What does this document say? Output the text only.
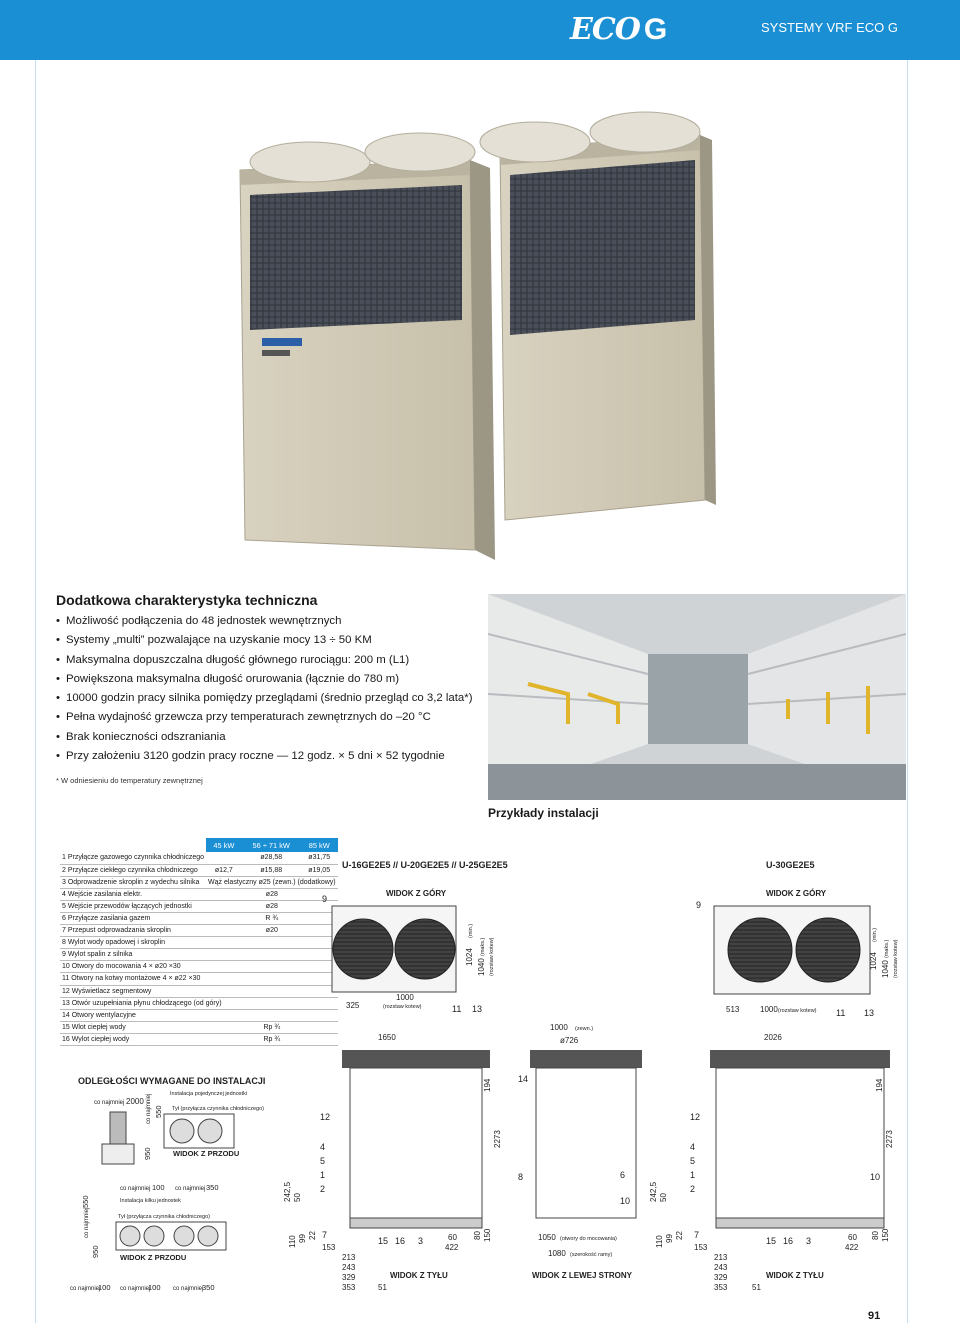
ECO G	SYSTEMY VRF ECO G
Dodatkowa charakterystyka techniczna
• Możliwość podłączenia do 48 jednostek wewnętrznych
• Systemy „multi” pozwalające na uzyskanie mocy 13 ÷ 50 KM
• Maksymalna dopuszczalna długość głównego rurociągu: 200 m (L1)
• Powiększona maksymalna długość orurowania (łącznie do 780 m)
• 10000 godzin pracy silnika pomiędzy przeglądami (średnio przegląd co 3,2 lata*)
• Pełna wydajność grzewcza przy temperaturach zewnętrznych do –20 °C
• Brak konieczności odszraniania
• Przy założeniu 3120 godzin pracy roczne — 12 godz. × 5 dni × 52 tygodnie
* W odniesieniu do temperatury zewnętrznej
Przykłady instalacji
	45 kW	56 ÷ 71 kW	85 kW
1 Przyłącze gazowego czynnika chłodniczego		ø28,58	ø31,75
2 Przyłącze ciekłego czynnika chłodniczego	ø12,7	ø15,88	ø19,05
3 Odprowadzenie skroplin z wydechu silnika	Wąż elastyczny ø25 (zewn.) (dodatkowy)		
4 Wejście zasilania elektr.	ø28		
5 Wejście przewodów łączących jednostki	ø28		
6 Przyłącze zasilania gazem	R ¾		
7 Przepust odprowadzania skroplin	ø20		
8 Wylot wody opadowej i skroplin			
9 Wylot spalin z silnika			
10 Otwory do mocowania 4 × ø20 ×30			
11 Otwory na kotwy montażowe 4 × ø22 ×30			
12 Wyświetlacz segmentowy			
13 Otwór uzupełniania płynu chłodzącego (od góry)			
14 Otwory wentylacyjne			
15 Wlot ciepłej wody	Rp ¾		
16 Wylot ciepłej wody	Rp ¾		
ODLEGŁOŚCI WYMAGANE DO INSTALACJI
Instalacja pojedynczej jednostki
co najmniej 2000 co najmniej 550 Tył (przyłącza czynnika chłodniczego)
WIDOK Z PRZODU
950
co najmniej 100 co najmniej 350
Instalacja kilku jednostek
Tył (przyłącza czynnika chłodniczego)
WIDOK Z PRZODU
950
co najmniej
550
co najmniej
100 co najmniej
100 co najmniej
350
U-16GE2E5 // U-20GE2E5 // U-25GE2E5
WIDOK Z GÓRY
9
325
1000
(rozstaw kotew)	11 13
1024
(min.)
1040
(maks.) (rozstaw kotew)
1000 (zewn.)
ø726
1650
12
4
5
1
2
194
2273
242,5 50
110 99 22 7
153
213
243
329
353	51
15 16 3	60
422
80 150
WIDOK Z TYŁU
8
14
6
10
1050 (otwory do mocowania)
1080 (szerokość ramy)
WIDOK Z LEWEJ STRONY
U-30GE2E5
WIDOK Z GÓRY
9
513	1000 (rozstaw kotew) 11 13
1024
(min.)
1040
(maks.) (rozstaw kotew)
2026
12
4
5
1
2
194
2273
10
242,5 50
110 99 22 7
153
213
243
329
353	51
15 16 3	60
422
80 150
WIDOK Z TYŁU
91
